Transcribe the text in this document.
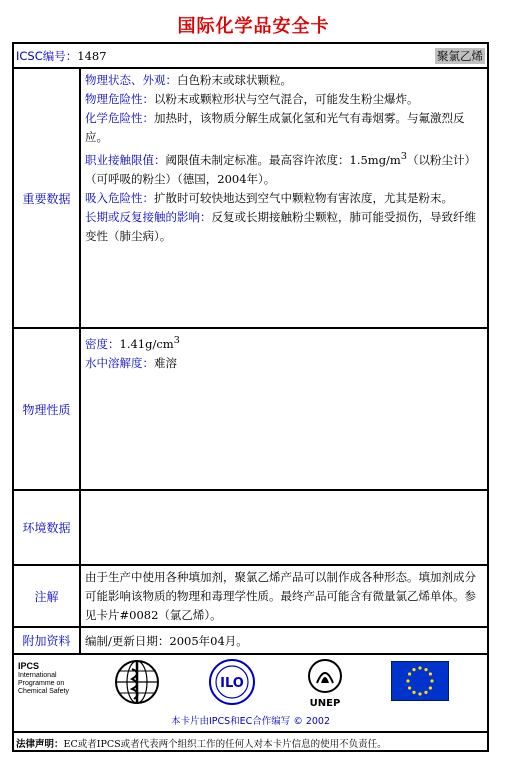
国际化学品安全卡
ICSC编号：1487	聚氯乙烯
重要数据
物理状态、外观：白色粉末或球状颗粒。
物理危险性：以粉末或颗粒形状与空气混合，可能发生粉尘爆炸。
化学危险性：加热时，该物质分解生成氯化氢和光气有毒烟雾。与氟激烈反应。
职业接触限值：阈限值未制定标准。最高容许浓度：$1.5mg/m^3$（以粉尘计）（可呼吸的粉尘）（德国，2004年）。
吸入危险性：扩散时可较快地达到空气中颗粒物有害浓度，尤其是粉末。
长期或反复接触的影响：反复或长期接触粉尘颗粒，肺可能受损伤，导致纤维变性（肺尘病）。
物理性质
密度：$1.41g/cm^3$
水中溶解度：难溶
环境数据
注解
由于生产中使用各种填加剂，聚氯乙烯产品可以制作成各种形态。填加剂成分可能影响该物质的物理和毒理学性质。最终产品可能含有微量氯乙烯单体。参见卡片#0082（氯乙烯）。
附加资料	编制/更新日期：2005年04月。
IPCS
International
Programme on
Chemical Safety
ILO
UNEP
本卡片由IPCS和EC合作编写 © 2002
法律声明：EC或者IPCS或者代表两个组织工作的任何人对本卡片信息的使用不负责任。
